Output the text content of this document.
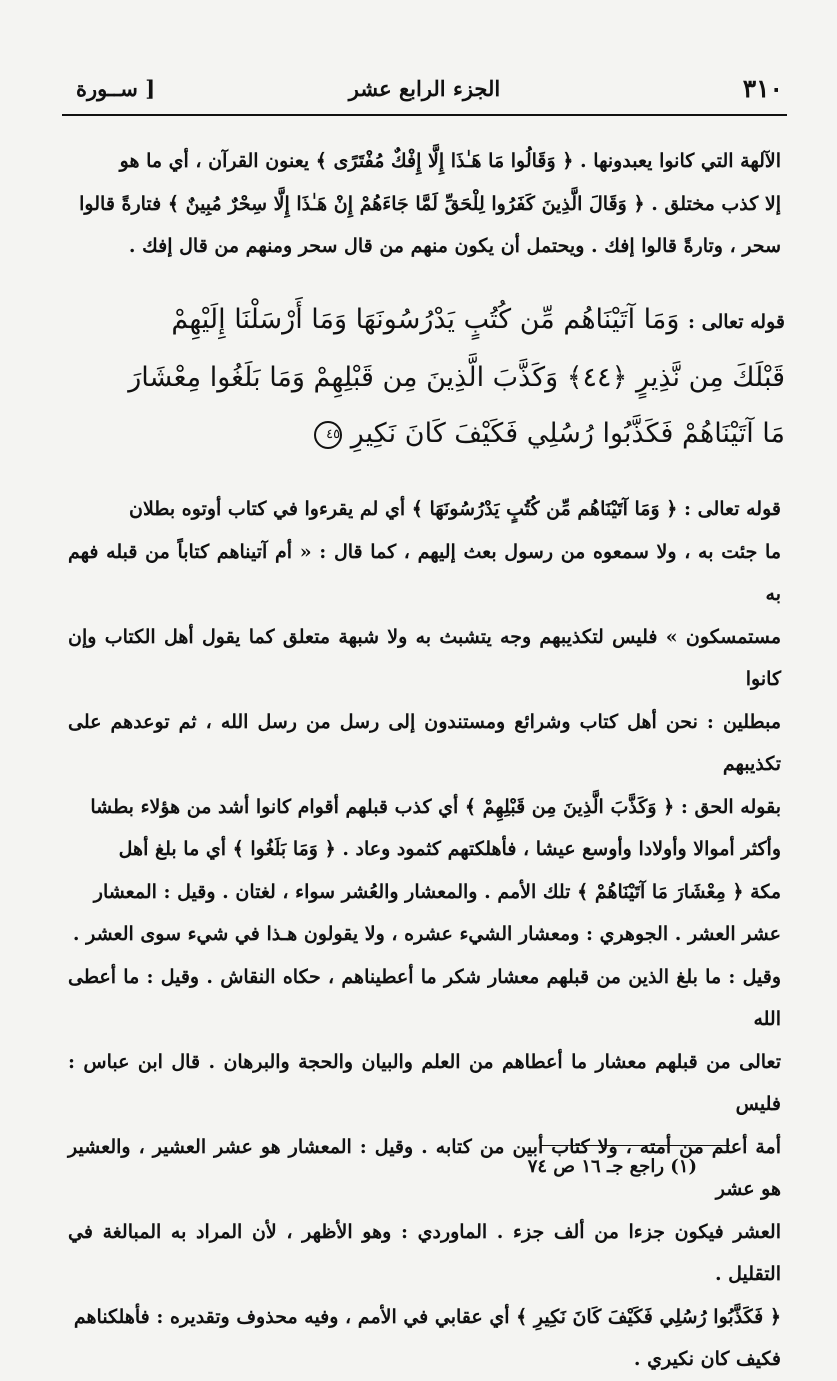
٣١٠
الجزء الرابع عشر
[ ســورة

الآلهة التي كانوا يعبدونها . ﴿ وَقَالُوا مَا هَـٰذَا إِلَّا إِفْكٌ مُفْتَرًى ﴾ يعنون القرآن ، أي ما هو

إلا كذب مختلق . ﴿ وَقَالَ الَّذِينَ كَفَرُوا لِلْحَقِّ لَمَّا جَاءَهُمْ إِنْ هَـٰذَا إِلَّا سِحْرٌ مُبِينٌ ﴾ فتارةً قالوا

سحر ، وتارةً قالوا إفك . ويحتمل أن يكون منهم من قال سحر ومنهم من قال إفك .

قوله تعالى : وَمَا آتَيْنَاهُم مِّن كُتُبٍ يَدْرُسُونَهَا وَمَا أَرْسَلْنَا إِلَيْهِمْ

قَبْلَكَ مِن نَّذِيرٍ ﴿٤٤﴾ وَكَذَّبَ الَّذِينَ مِن قَبْلِهِمْ وَمَا بَلَغُوا مِعْشَارَ

مَا آتَيْنَاهُمْ فَكَذَّبُوا رُسُلِي فَكَيْفَ كَانَ نَكِيرِ ٤٥

قوله تعالى : ﴿ وَمَا آتَيْنَاهُم مِّن كُتُبٍ يَدْرُسُونَهَا ﴾ أي لم يقرءوا في كتاب أوتوه بطلان

ما جئت به ، ولا سمعوه من رسول بعث إليهم ، كما قال : « أم آتيناهم كتاباً من قبله فهم به

مستمسكون » فليس لتكذيبهم وجه يتشبث به ولا شبهة متعلق كما يقول أهل الكتاب وإن كانوا

مبطلين : نحن أهل كتاب وشرائع ومستندون إلى رسل من رسل الله ، ثم توعدهم على تكذيبهم

بقوله الحق : ﴿ وَكَذَّبَ الَّذِينَ مِن قَبْلِهِمْ ﴾ أي كذب قبلهم أقوام كانوا أشد من هؤلاء بطشا

وأكثر أموالا وأولادا وأوسع عيشا ، فأهلكتهم كثمود وعاد . ﴿ وَمَا بَلَغُوا ﴾ أي ما بلغ أهل

مكة ﴿ مِعْشَارَ مَا آتَيْنَاهُمْ ﴾ تلك الأمم . والمعشار والعُشر سواء ، لغتان . وقيل : المعشار

عشر العشر . الجوهري : ومعشار الشيء عشره ، ولا يقولون هـذا في شيء سوى العشر .

وقيل : ما بلغ الذين من قبلهم معشار شكر ما أعطيناهم ، حكاه النقاش . وقيل : ما أعطى الله

تعالى من قبلهم معشار ما أعطاهم من العلم والبيان والحجة والبرهان . قال ابن عباس : فليس

أمة أعلم من أمته ، ولا كتاب أبين من كتابه . وقيل : المعشار هو عشر العشير ، والعشير هو عشر

العشر فيكون جزءا من ألف جزء . الماوردي : وهو الأظهر ، لأن المراد به المبالغة في التقليل .

﴿ فَكَذَّبُوا رُسُلِي فَكَيْفَ كَانَ نَكِيرِ ﴾ أي عقابي في الأمم ، وفيه محذوف وتقديره : فأهلكناهم

فكيف كان نكيري .

(١) راجع جـ ١٦ ص ٧٤
